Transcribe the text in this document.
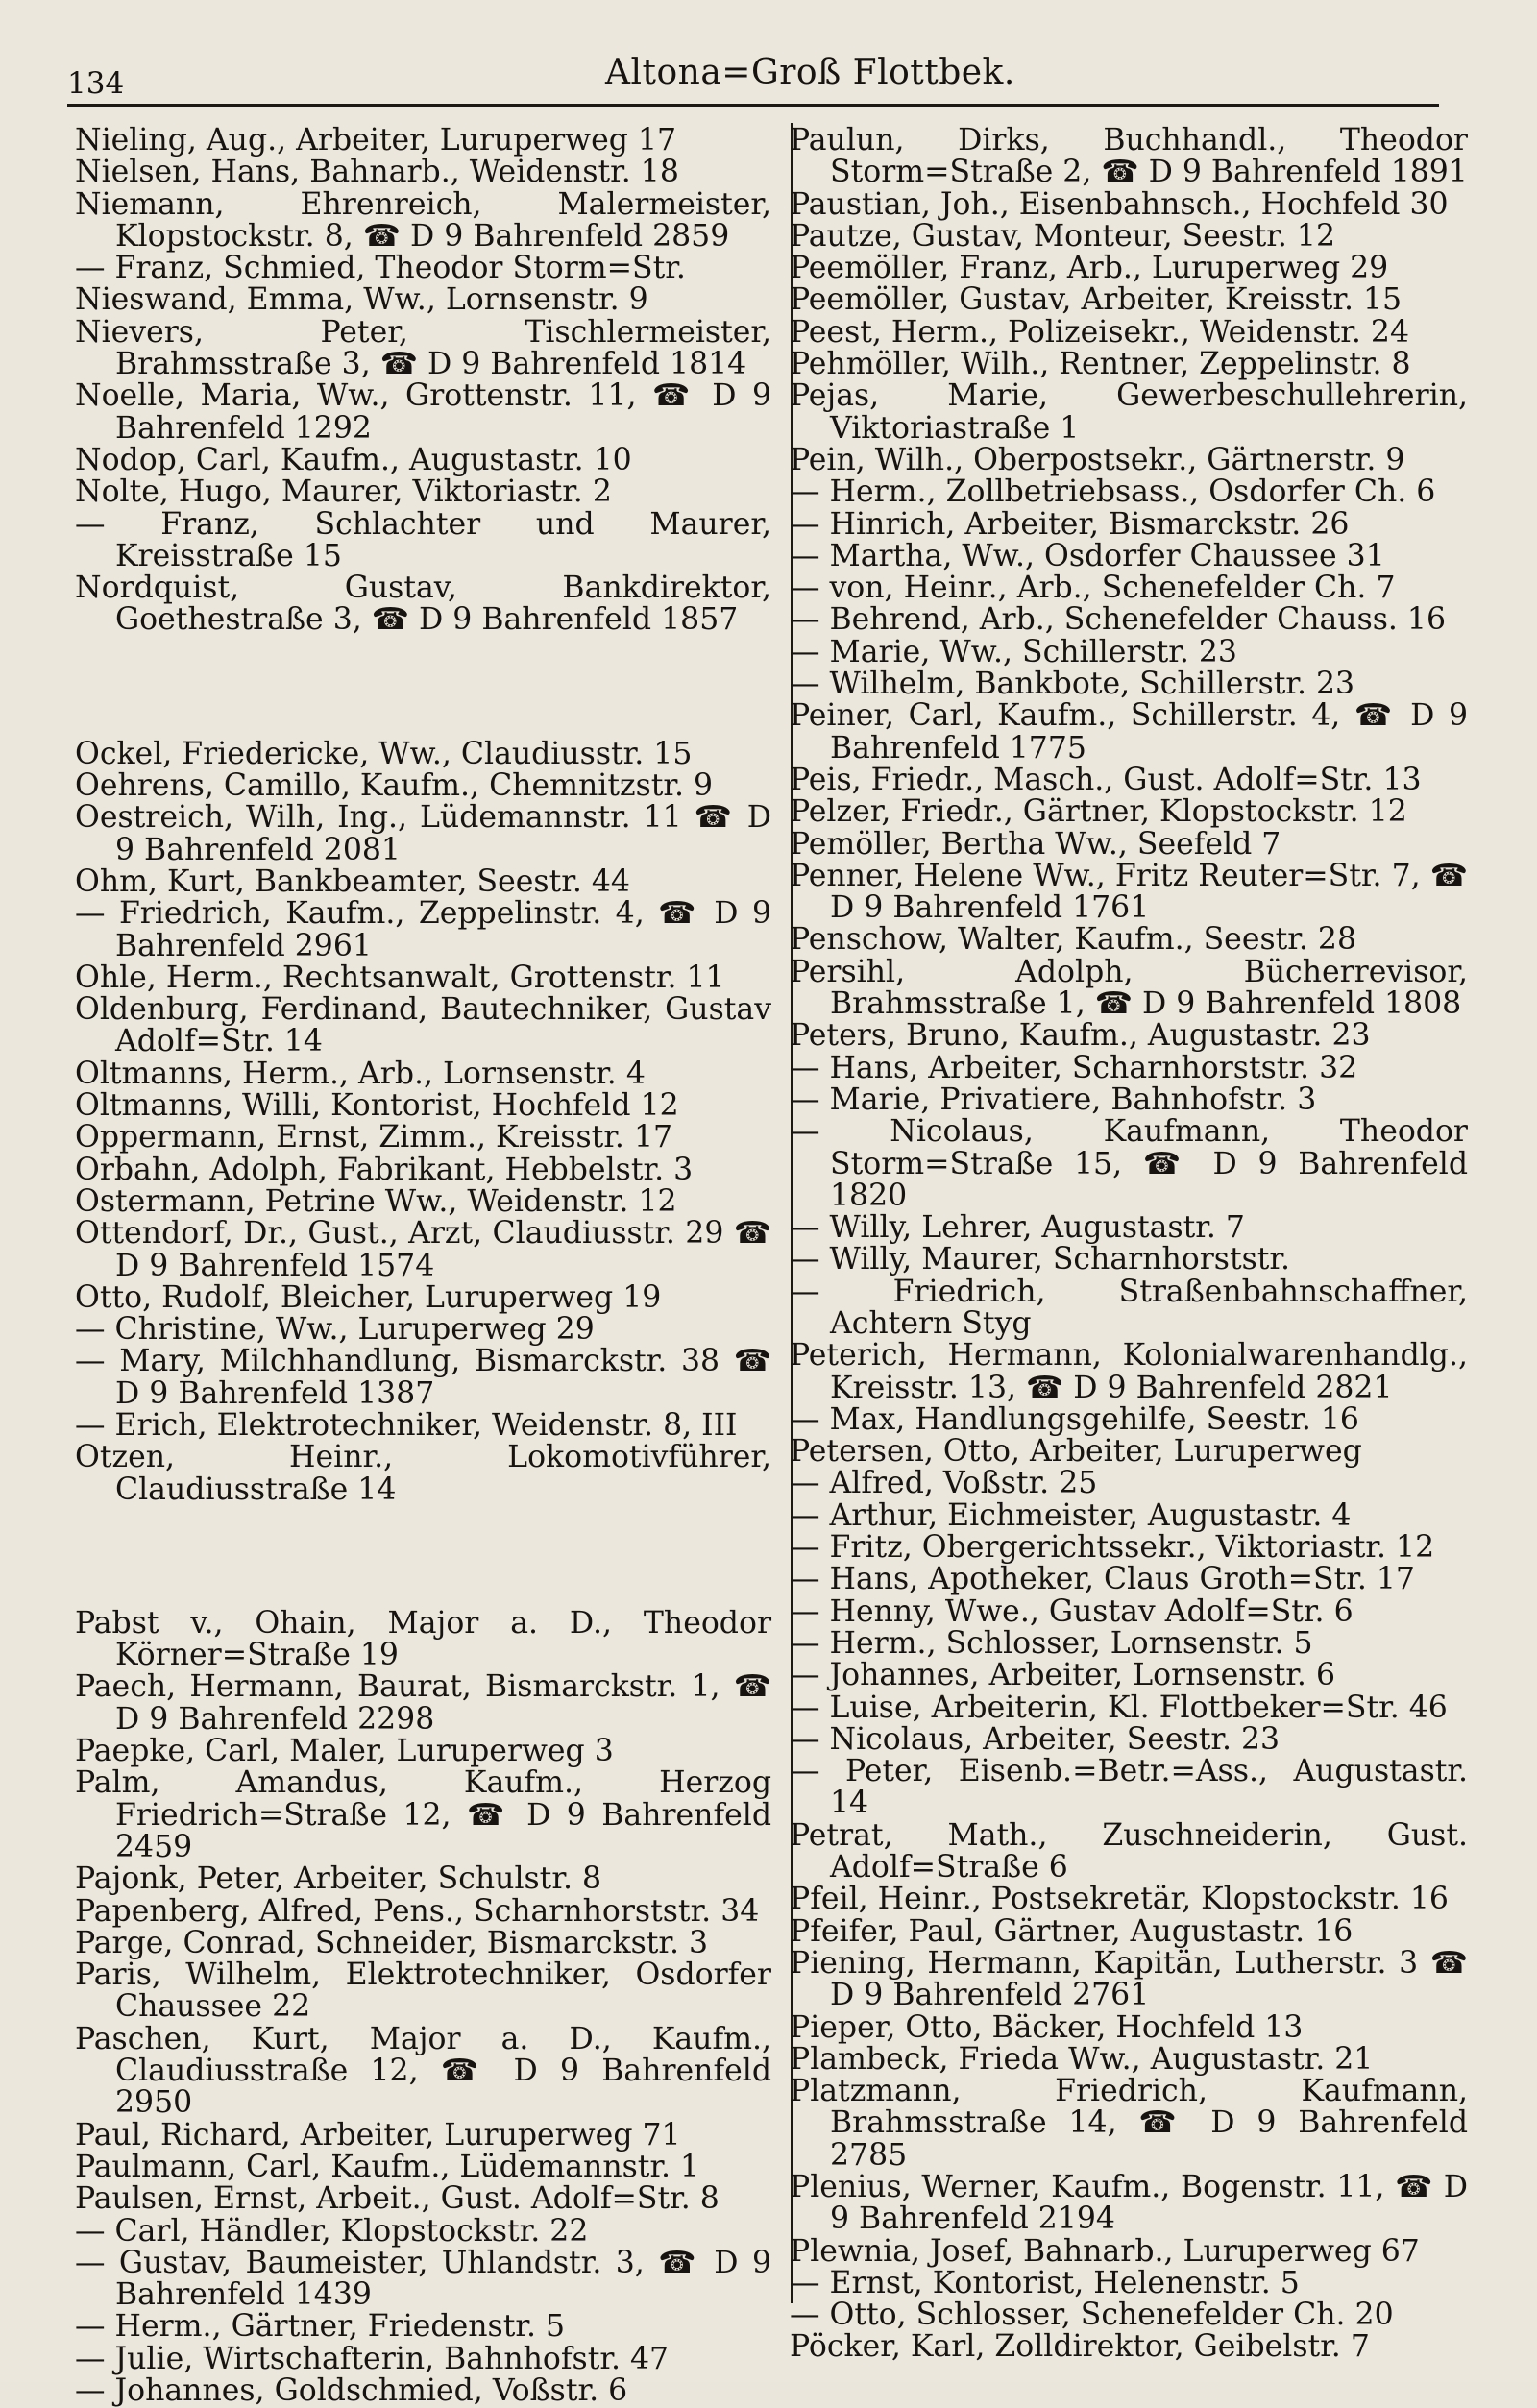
134	Altona=Groß Flottbek.
Nieling, Aug., Arbeiter, Luruperweg 17
Nielsen, Hans, Bahnarb., Weidenstr. 18
Niemann, Ehrenreich, Malermeister, Klopstockstr. 8, ☎ D 9 Bahrenfeld 2859
— Franz, Schmied, Theodor Storm=Str.
Nieswand, Emma, Ww., Lornsenstr. 9
Nievers, Peter, Tischlermeister, Brahmsstraße 3, ☎ D 9 Bahrenfeld 1814
Noelle, Maria, Ww., Grottenstr. 11, ☎ D 9 Bahrenfeld 1292
Nodop, Carl, Kaufm., Augustastr. 10
Nolte, Hugo, Maurer, Viktoriastr. 2
— Franz, Schlachter und Maurer, Kreisstraße 15
Nordquist, Gustav, Bankdirektor, Goethestraße 3, ☎ D 9 Bahrenfeld 1857
Ockel, Friedericke, Ww., Claudiusstr. 15
Oehrens, Camillo, Kaufm., Chemnitzstr. 9
Oestreich, Wilh, Ing., Lüdemannstr. 11 ☎ D 9 Bahrenfeld 2081
Ohm, Kurt, Bankbeamter, Seestr. 44
— Friedrich, Kaufm., Zeppelinstr. 4, ☎ D 9 Bahrenfeld 2961
Ohle, Herm., Rechtsanwalt, Grottenstr. 11
Oldenburg, Ferdinand, Bautechniker, Gustav Adolf=Str. 14
Oltmanns, Herm., Arb., Lornsenstr. 4
Oltmanns, Willi, Kontorist, Hochfeld 12
Oppermann, Ernst, Zimm., Kreisstr. 17
Orbahn, Adolph, Fabrikant, Hebbelstr. 3
Ostermann, Petrine Ww., Weidenstr. 12
Ottendorf, Dr., Gust., Arzt, Claudiusstr. 29 ☎ D 9 Bahrenfeld 1574
Otto, Rudolf, Bleicher, Luruperweg 19
— Christine, Ww., Luruperweg 29
— Mary, Milchhandlung, Bismarckstr. 38 ☎ D 9 Bahrenfeld 1387
— Erich, Elektrotechniker, Weidenstr. 8, III
Otzen, Heinr., Lokomotivführer, Claudiusstraße 14
Pabst v., Ohain, Major a. D., Theodor Körner=Straße 19
Paech, Hermann, Baurat, Bismarckstr. 1, ☎ D 9 Bahrenfeld 2298
Paepke, Carl, Maler, Luruperweg 3
Palm, Amandus, Kaufm., Herzog Friedrich=Straße 12, ☎ D 9 Bahrenfeld 2459
Pajonk, Peter, Arbeiter, Schulstr. 8
Papenberg, Alfred, Pens., Scharnhorststr. 34
Parge, Conrad, Schneider, Bismarckstr. 3
Paris, Wilhelm, Elektrotechniker, Osdorfer Chaussee 22
Paschen, Kurt, Major a. D., Kaufm., Claudiusstraße 12, ☎ D 9 Bahrenfeld 2950
Paul, Richard, Arbeiter, Luruperweg 71
Paulmann, Carl, Kaufm., Lüdemannstr. 1
Paulsen, Ernst, Arbeit., Gust. Adolf=Str. 8
— Carl, Händler, Klopstockstr. 22
— Gustav, Baumeister, Uhlandstr. 3, ☎ D 9 Bahrenfeld 1439
— Herm., Gärtner, Friedenstr. 5
— Julie, Wirtschafterin, Bahnhofstr. 47
— Johannes, Goldschmied, Voßstr. 6
Paulun, Dirks, Buchhandl., Theodor Storm=Straße 2, ☎ D 9 Bahrenfeld 1891
Paustian, Joh., Eisenbahnsch., Hochfeld 30
Pautze, Gustav, Monteur, Seestr. 12
Peemöller, Franz, Arb., Luruperweg 29
Peemöller, Gustav, Arbeiter, Kreisstr. 15
Peest, Herm., Polizeisekr., Weidenstr. 24
Pehmöller, Wilh., Rentner, Zeppelinstr. 8
Pejas, Marie, Gewerbeschullehrerin, Viktoriastraße 1
Pein, Wilh., Oberpostsekr., Gärtnerstr. 9
— Herm., Zollbetriebsass., Osdorfer Ch. 6
— Hinrich, Arbeiter, Bismarckstr. 26
— Martha, Ww., Osdorfer Chaussee 31
— von, Heinr., Arb., Schenefelder Ch. 7
— Behrend, Arb., Schenefelder Chauss. 16
— Marie, Ww., Schillerstr. 23
— Wilhelm, Bankbote, Schillerstr. 23
Peiner, Carl, Kaufm., Schillerstr. 4, ☎ D 9 Bahrenfeld 1775
Peis, Friedr., Masch., Gust. Adolf=Str. 13
Pelzer, Friedr., Gärtner, Klopstockstr. 12
Pemöller, Bertha Ww., Seefeld 7
Penner, Helene Ww., Fritz Reuter=Str. 7, ☎ D 9 Bahrenfeld 1761
Penschow, Walter, Kaufm., Seestr. 28
Persihl, Adolph, Bücherrevisor, Brahmsstraße 1, ☎ D 9 Bahrenfeld 1808
Peters, Bruno, Kaufm., Augustastr. 23
— Hans, Arbeiter, Scharnhorststr. 32
— Marie, Privatiere, Bahnhofstr. 3
— Nicolaus, Kaufmann, Theodor Storm=Straße 15, ☎ D 9 Bahrenfeld 1820
— Willy, Lehrer, Augustastr. 7
— Willy, Maurer, Scharnhorststr.
— Friedrich, Straßenbahnschaffner, Achtern Styg
Peterich, Hermann, Kolonialwarenhandlg., Kreisstr. 13, ☎ D 9 Bahrenfeld 2821
— Max, Handlungsgehilfe, Seestr. 16
Petersen, Otto, Arbeiter, Luruperweg
— Alfred, Voßstr. 25
— Arthur, Eichmeister, Augustastr. 4
— Fritz, Obergerichtssekr., Viktoriastr. 12
— Hans, Apotheker, Claus Groth=Str. 17
— Henny, Wwe., Gustav Adolf=Str. 6
— Herm., Schlosser, Lornsenstr. 5
— Johannes, Arbeiter, Lornsenstr. 6
— Luise, Arbeiterin, Kl. Flottbeker=Str. 46
— Nicolaus, Arbeiter, Seestr. 23
— Peter, Eisenb.=Betr.=Ass., Augustastr. 14
Petrat, Math., Zuschneiderin, Gust. Adolf=Straße 6
Pfeil, Heinr., Postsekretär, Klopstockstr. 16
Pfeifer, Paul, Gärtner, Augustastr. 16
Piening, Hermann, Kapitän, Lutherstr. 3 ☎ D 9 Bahrenfeld 2761
Pieper, Otto, Bäcker, Hochfeld 13
Plambeck, Frieda Ww., Augustastr. 21
Platzmann, Friedrich, Kaufmann, Brahmsstraße 14, ☎ D 9 Bahrenfeld 2785
Plenius, Werner, Kaufm., Bogenstr. 11, ☎ D 9 Bahrenfeld 2194
Plewnia, Josef, Bahnarb., Luruperweg 67
— Ernst, Kontorist, Helenenstr. 5
— Otto, Schlosser, Schenefelder Ch. 20
Pöcker, Karl, Zolldirektor, Geibelstr. 7
